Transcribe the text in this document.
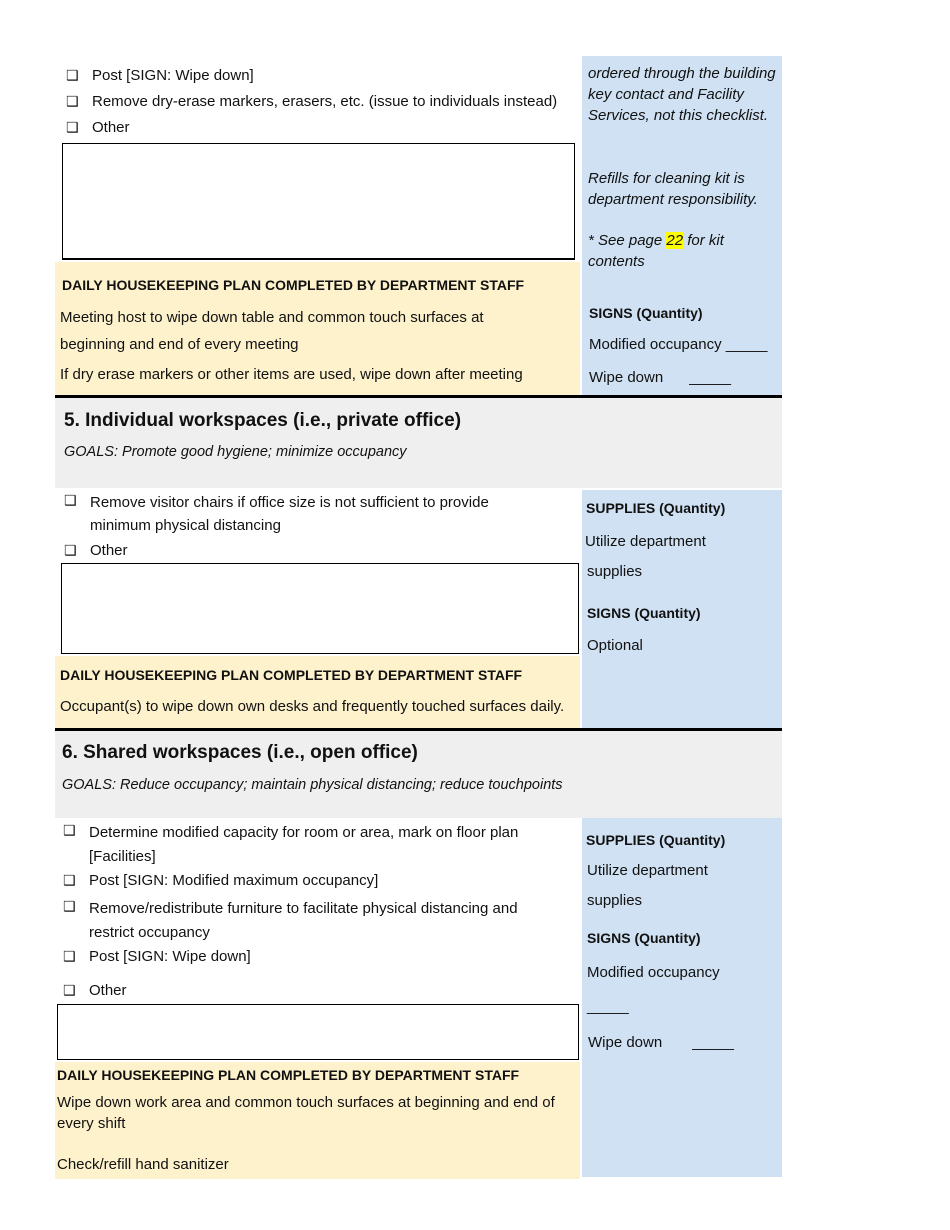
❑ Post [SIGN: Wipe down]
❑ Remove dry-erase markers, erasers, etc. (issue to individuals instead)
❑ Other
DAILY HOUSEKEEPING PLAN COMPLETED BY DEPARTMENT STAFF
Meeting host to wipe down table and common touch surfaces at
beginning and end of every meeting
If dry erase markers or other items are used, wipe down after meeting
ordered through the building key contact and Facility Services, not this checklist.
Refills for cleaning kit is department responsibility.
* See page 22 for kit contents
SIGNS (Quantity)
Modified occupancy _____
Wipe down _____
5. Individual workspaces (i.e., private office)
GOALS: Promote good hygiene; minimize occupancy
❑ Remove visitor chairs if office size is not sufficient to provide minimum physical distancing
❑ Other
DAILY HOUSEKEEPING PLAN COMPLETED BY DEPARTMENT STAFF
Occupant(s) to wipe down own desks and frequently touched surfaces daily.
SUPPLIES (Quantity)
Utilize department
supplies
SIGNS (Quantity)
Optional
6. Shared workspaces (i.e., open office)
GOALS: Reduce occupancy; maintain physical distancing; reduce touchpoints
❑ Determine modified capacity for room or area, mark on floor plan [Facilities]
❑ Post [SIGN: Modified maximum occupancy]
❑ Remove/redistribute furniture to facilitate physical distancing and restrict occupancy
❑ Post [SIGN: Wipe down]
❑ Other
DAILY HOUSEKEEPING PLAN COMPLETED BY DEPARTMENT STAFF
Wipe down work area and common touch surfaces at beginning and end of every shift
Check/refill hand sanitizer
SUPPLIES (Quantity)
Utilize department
supplies
SIGNS (Quantity)
Modified occupancy
_____
Wipe down _____
